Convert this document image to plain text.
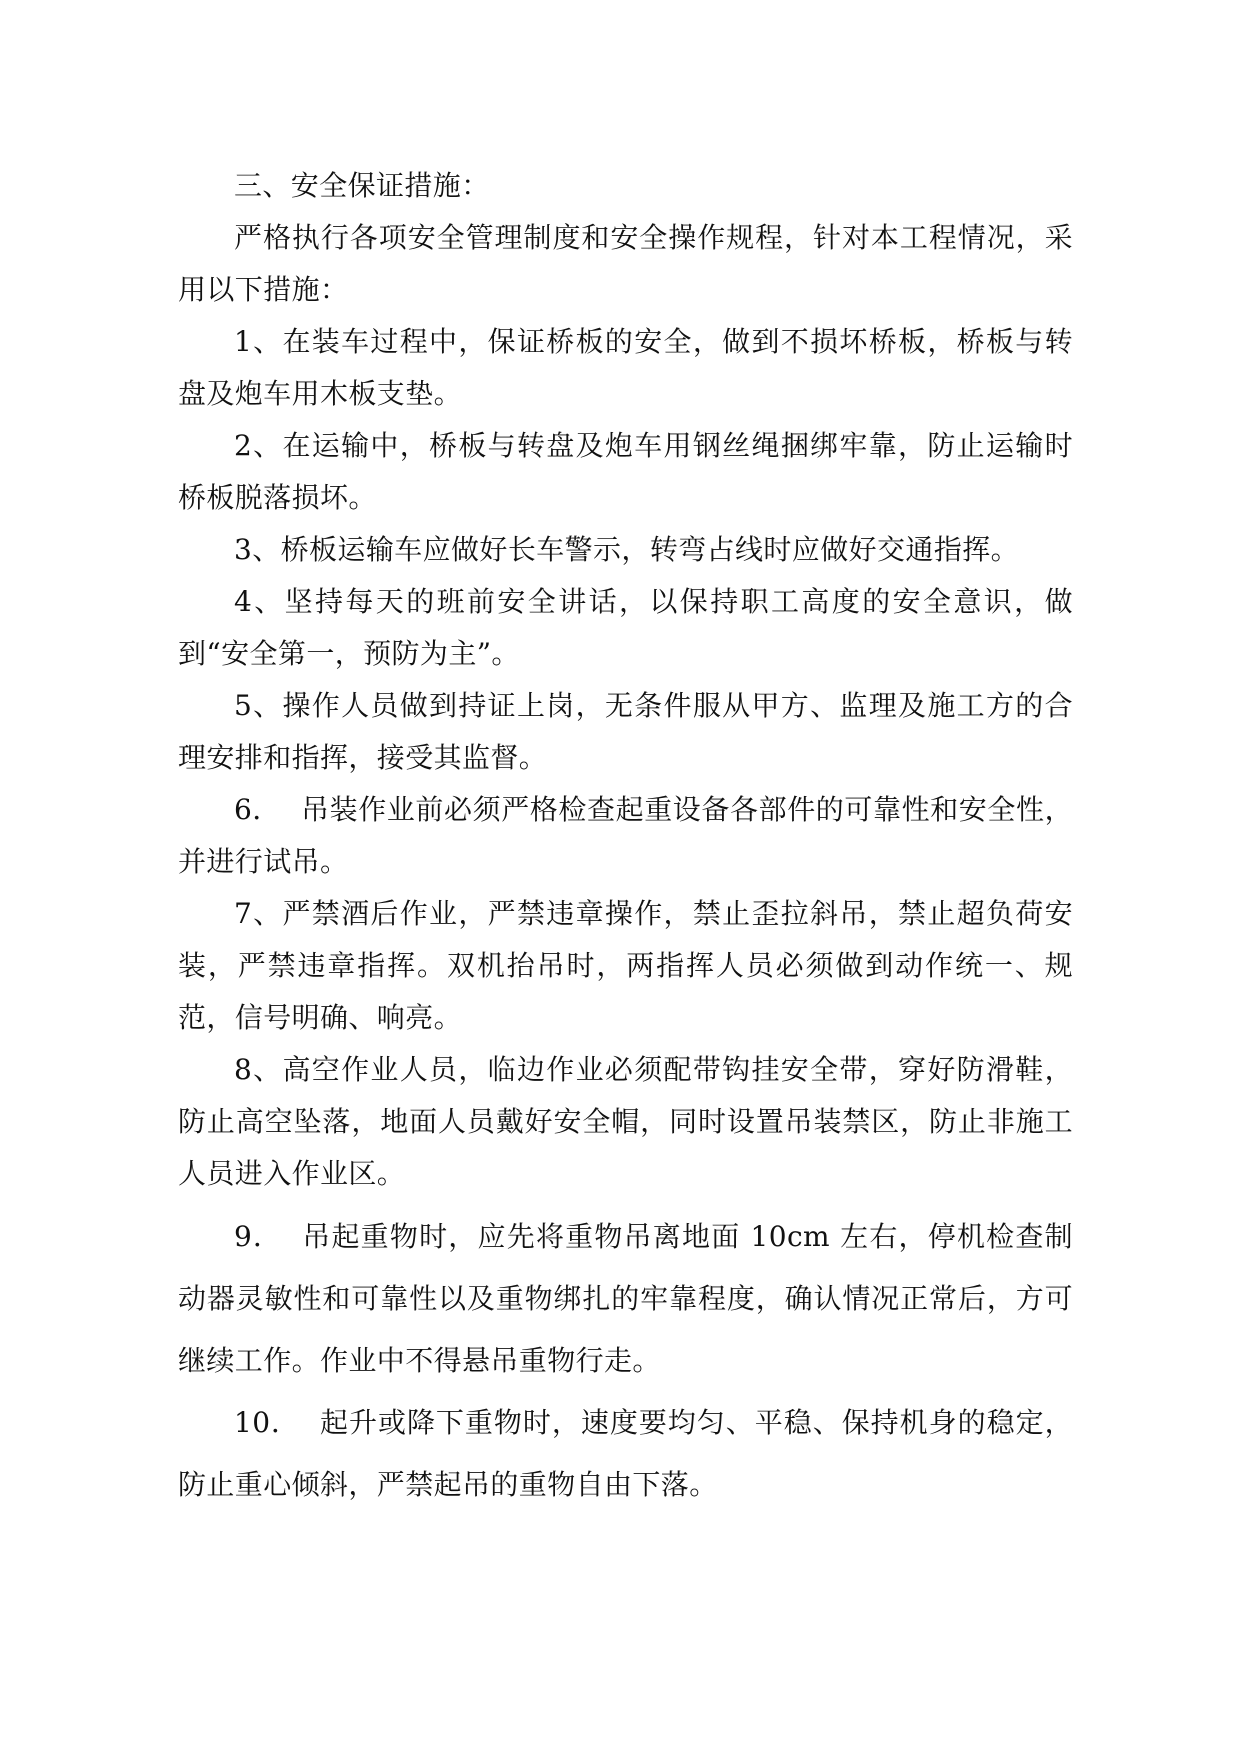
三、安全保证措施：

严格执行各项安全管理制度和安全操作规程，针对本工程情况，采用以下措施：

1、在装车过程中，保证桥板的安全，做到不损坏桥板，桥板与转盘及炮车用木板支垫。

2、在运输中，桥板与转盘及炮车用钢丝绳捆绑牢靠，防止运输时桥板脱落损坏。

3、桥板运输车应做好长车警示，转弯占线时应做好交通指挥。

4、坚持每天的班前安全讲话，以保持职工高度的安全意识，做到“安全第一，预防为主”。

5、操作人员做到持证上岗，无条件服从甲方、监理及施工方的合理安排和指挥，接受其监督。

6． 吊装作业前必须严格检查起重设备各部件的可靠性和安全性，并进行试吊。

7、严禁酒后作业，严禁违章操作，禁止歪拉斜吊，禁止超负荷安装，严禁违章指挥。双机抬吊时，两指挥人员必须做到动作统一、规范，信号明确、响亮。

8、高空作业人员，临边作业必须配带钩挂安全带，穿好防滑鞋，防止高空坠落，地面人员戴好安全帽，同时设置吊装禁区，防止非施工人员进入作业区。

9． 吊起重物时，应先将重物吊离地面 10cm 左右，停机检查制动器灵敏性和可靠性以及重物绑扎的牢靠程度，确认情况正常后，方可继续工作。作业中不得悬吊重物行走。

10． 起升或降下重物时，速度要均匀、平稳、保持机身的稳定，防止重心倾斜，严禁起吊的重物自由下落。
